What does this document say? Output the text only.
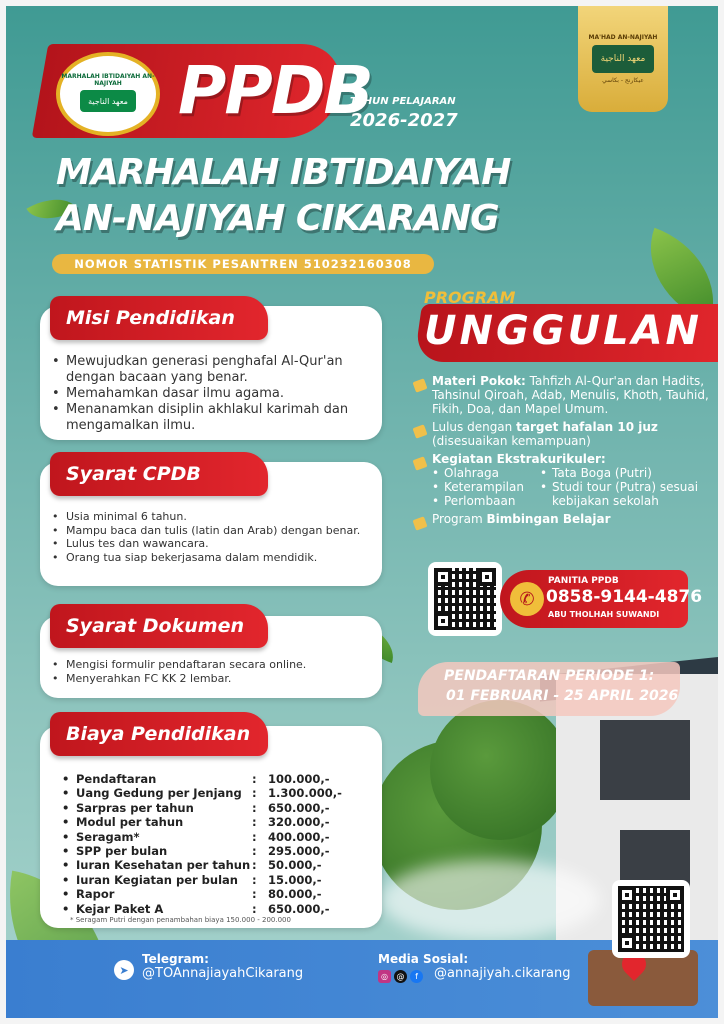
MARHALAH IBTIDAIYAH AN-NAJIYAH
معهد الناجية PPDB
TAHUN PELAJARAN
2026-2027
MA'HAD AN-NAJIYAH
معهد الناجية
عيكارنج - بكاسي
MARHALAH IBTIDAIYAH
AN-NAJIYAH CIKARANG
NOMOR STATISTIK PESANTREN 510232160308
• Mewujudkan generasi penghafal Al-Qur'an dengan bacaan yang benar.
• Memahamkan dasar ilmu agama.
• Menanamkan disiplin akhlakul karimah dan mengamalkan ilmu.
Misi Pendidikan
• Usia minimal 6 tahun.
• Mampu baca dan tulis (latin dan Arab) dengan benar.
• Lulus tes dan wawancara.
• Orang tua siap bekerjasama dalam mendidik.
Syarat CPDB
• Mengisi formulir pendaftaran secara online.
• Menyerahkan FC KK 2 lembar.
Syarat Dokumen
• Pendaftaran	: 100.000,-
• Uang Gedung per Jenjang : 1.300.000,-
• Sarpras per tahun	: 650.000,-
• Modul per tahun	: 320.000,-
• Seragam*	: 400.000,-
• SPP per bulan	: 295.000,-
• Iuran Kesehatan per tahun : 50.000,-
• Iuran Kegiatan per bulan	: 15.000,-
• Rapor	: 80.000,-
• Kejar Paket A	: 650.000,-
* Seragam Putri dengan penambahan biaya 150.000 - 200.000
Biaya Pendidikan
PROGRAM
UNGGULAN
Materi Pokok: Tahfizh Al-Qur'an dan Hadits, Tahsinul Qiroah, Adab, Menulis, Khoth, Tauhid, Fikih, Doa, dan Mapel Umum.
Lulus dengan target hafalan 10 juz (disesuaikan kemampuan)
Kegiatan Ekstrakurikuler:
• Olahraga
• Keterampilan
• Perlombaan
• Tata Boga (Putri)
• Studi tour (Putra) sesuai kebijakan sekolah
Program Bimbingan Belajar
✆
PANITIA PPDB
0858-9144-4876
ABU THOLHAH SUWANDI
PENDAFTARAN PERIODE 1:
01 FEBRUARI - 25 APRIL 2026
➤
Telegram:
@TOAnnajiayahCikarang
Media Sosial:
◎	@	f	@annajiyah.cikarang
